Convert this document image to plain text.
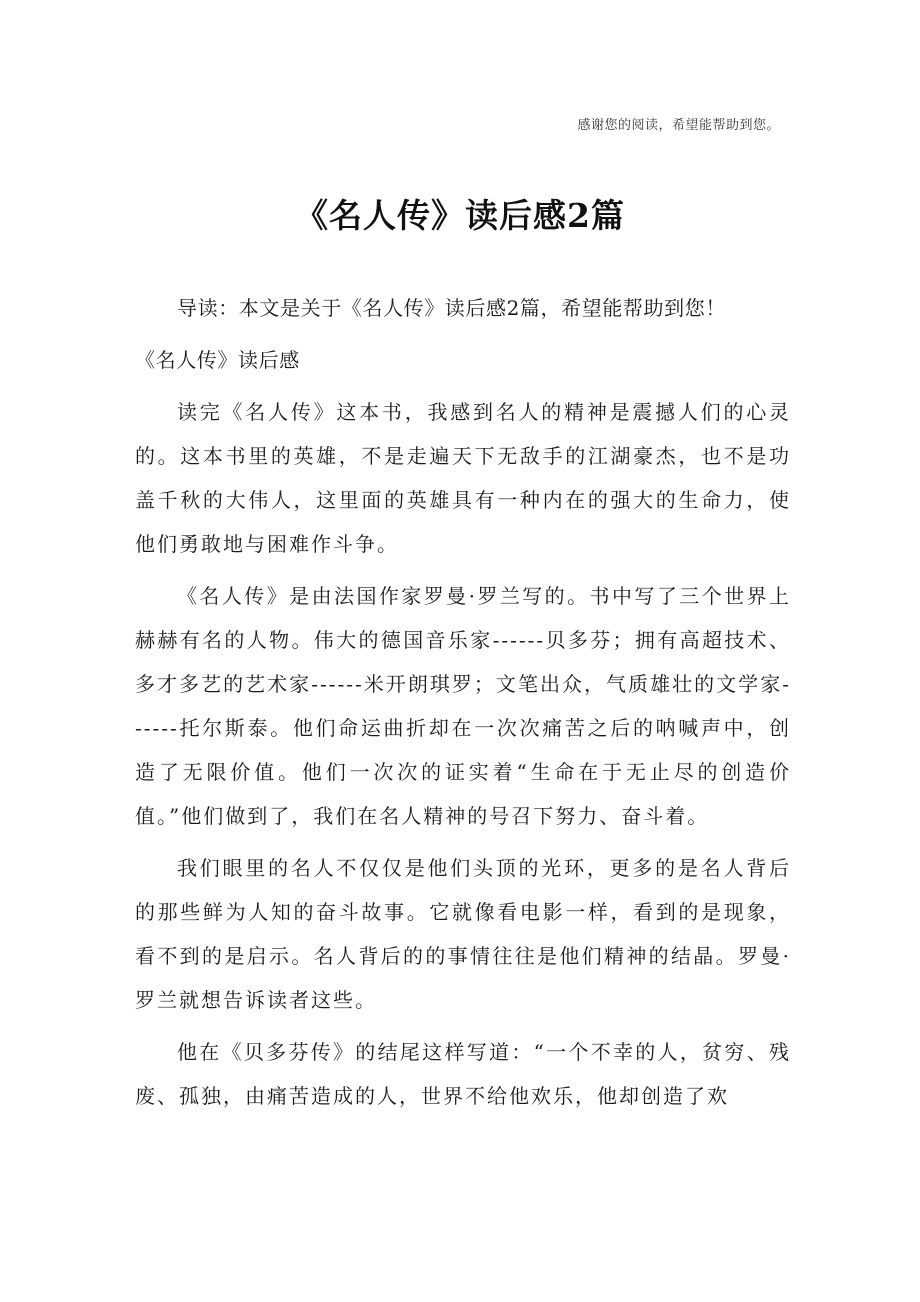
感谢您的阅读，希望能帮助到您。
《名人传》读后感2篇

导读：本文是关于《名人传》读后感2篇，希望能帮助到您！

《名人传》读后感

读完《名人传》这本书，我感到名人的精神是震撼人们的心灵的。这本书里的英雄，不是走遍天下无敌手的江湖豪杰，也不是功盖千秋的大伟人，这里面的英雄具有一种内在的强大的生命力，使他们勇敢地与困难作斗争。

《名人传》是由法国作家罗曼·罗兰写的。书中写了三个世界上赫赫有名的人物。伟大的德国音乐家------贝多芬；拥有高超技术、多才多艺的艺术家------米开朗琪罗；文笔出众，气质雄壮的文学家------托尔斯泰。他们命运曲折却在一次次痛苦之后的呐喊声中，创造了无限价值。他们一次次的证实着“生命在于无止尽的创造价值。”他们做到了，我们在名人精神的号召下努力、奋斗着。

我们眼里的名人不仅仅是他们头顶的光环，更多的是名人背后的那些鲜为人知的奋斗故事。它就像看电影一样，看到的是现象，看不到的是启示。名人背后的的事情往往是他们精神的结晶。罗曼·罗兰就想告诉读者这些。

他在《贝多芬传》的结尾这样写道：“一个不幸的人，贫穷、残废、孤独，由痛苦造成的人，世界不给他欢乐，他却创造了欢
